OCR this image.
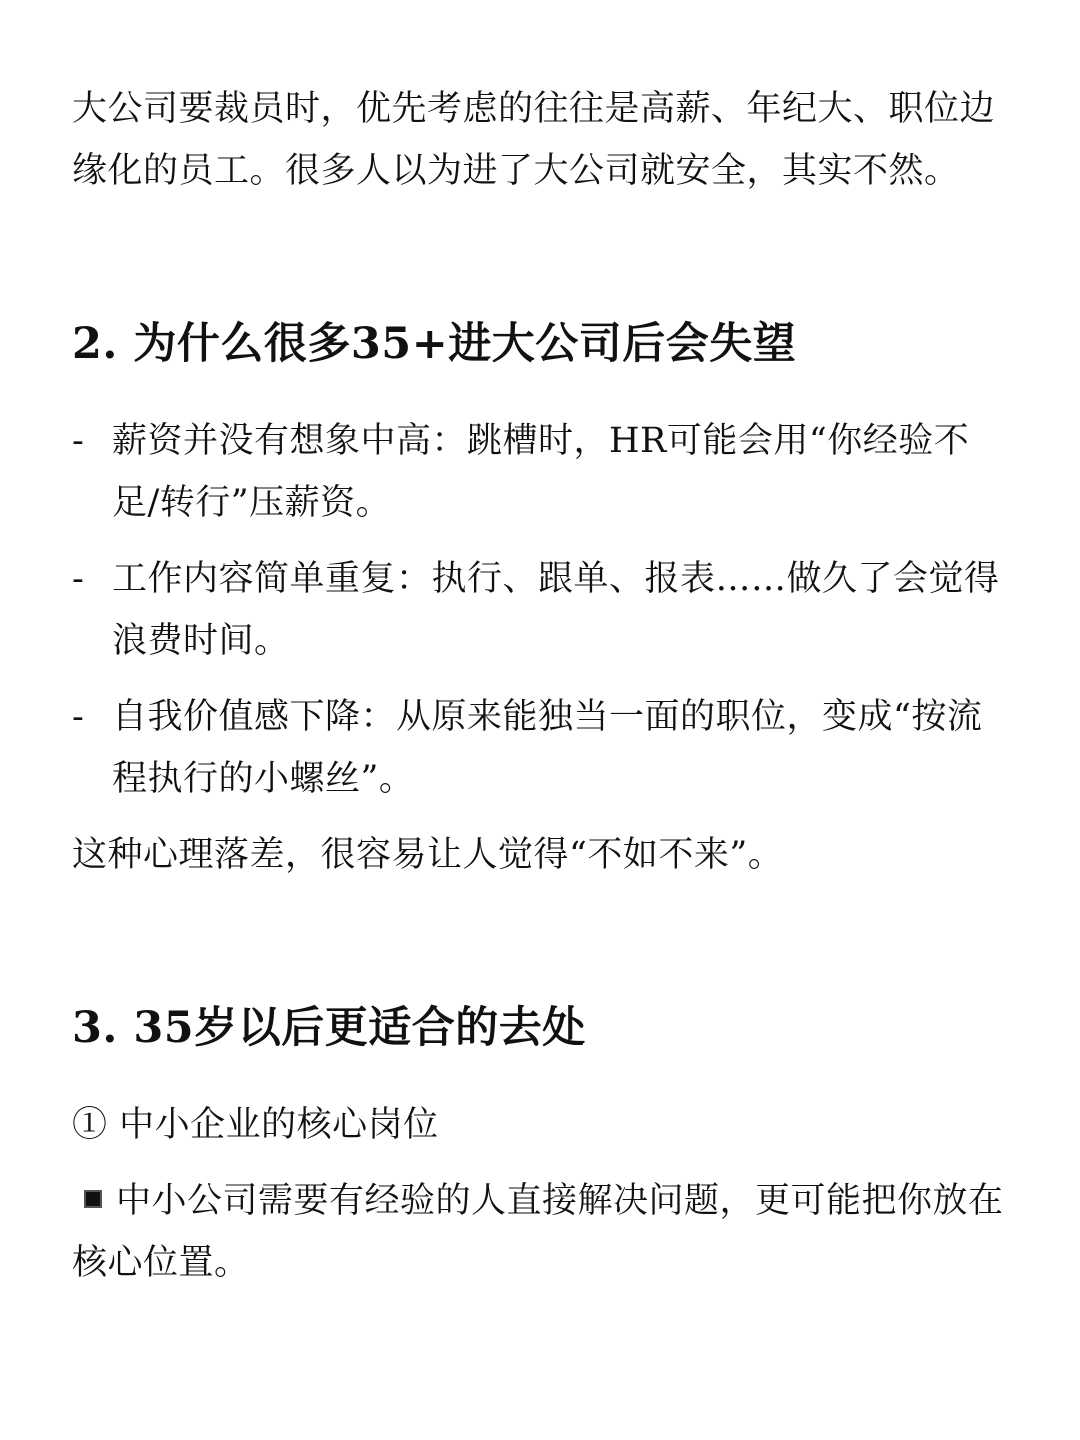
大公司要裁员时，优先考虑的往往是高薪、年纪大、职位边缘化的员工。很多人以为进了大公司就安全，其实不然。

2. 为什么很多35+进大公司后会失望
- 薪资并没有想象中高：跳槽时，HR可能会用“你经验不足/转行”压薪资。
- 工作内容简单重复：执行、跟单、报表……做久了会觉得浪费时间。
- 自我价值感下降：从原来能独当一面的职位，变成“按流程执行的小螺丝”。

这种心理落差，很容易让人觉得“不如不来”。

3. 35岁以后更适合的去处

① 中小企业的核心岗位

中小公司需要有经验的人直接解决问题，更可能把你放在核心位置。
